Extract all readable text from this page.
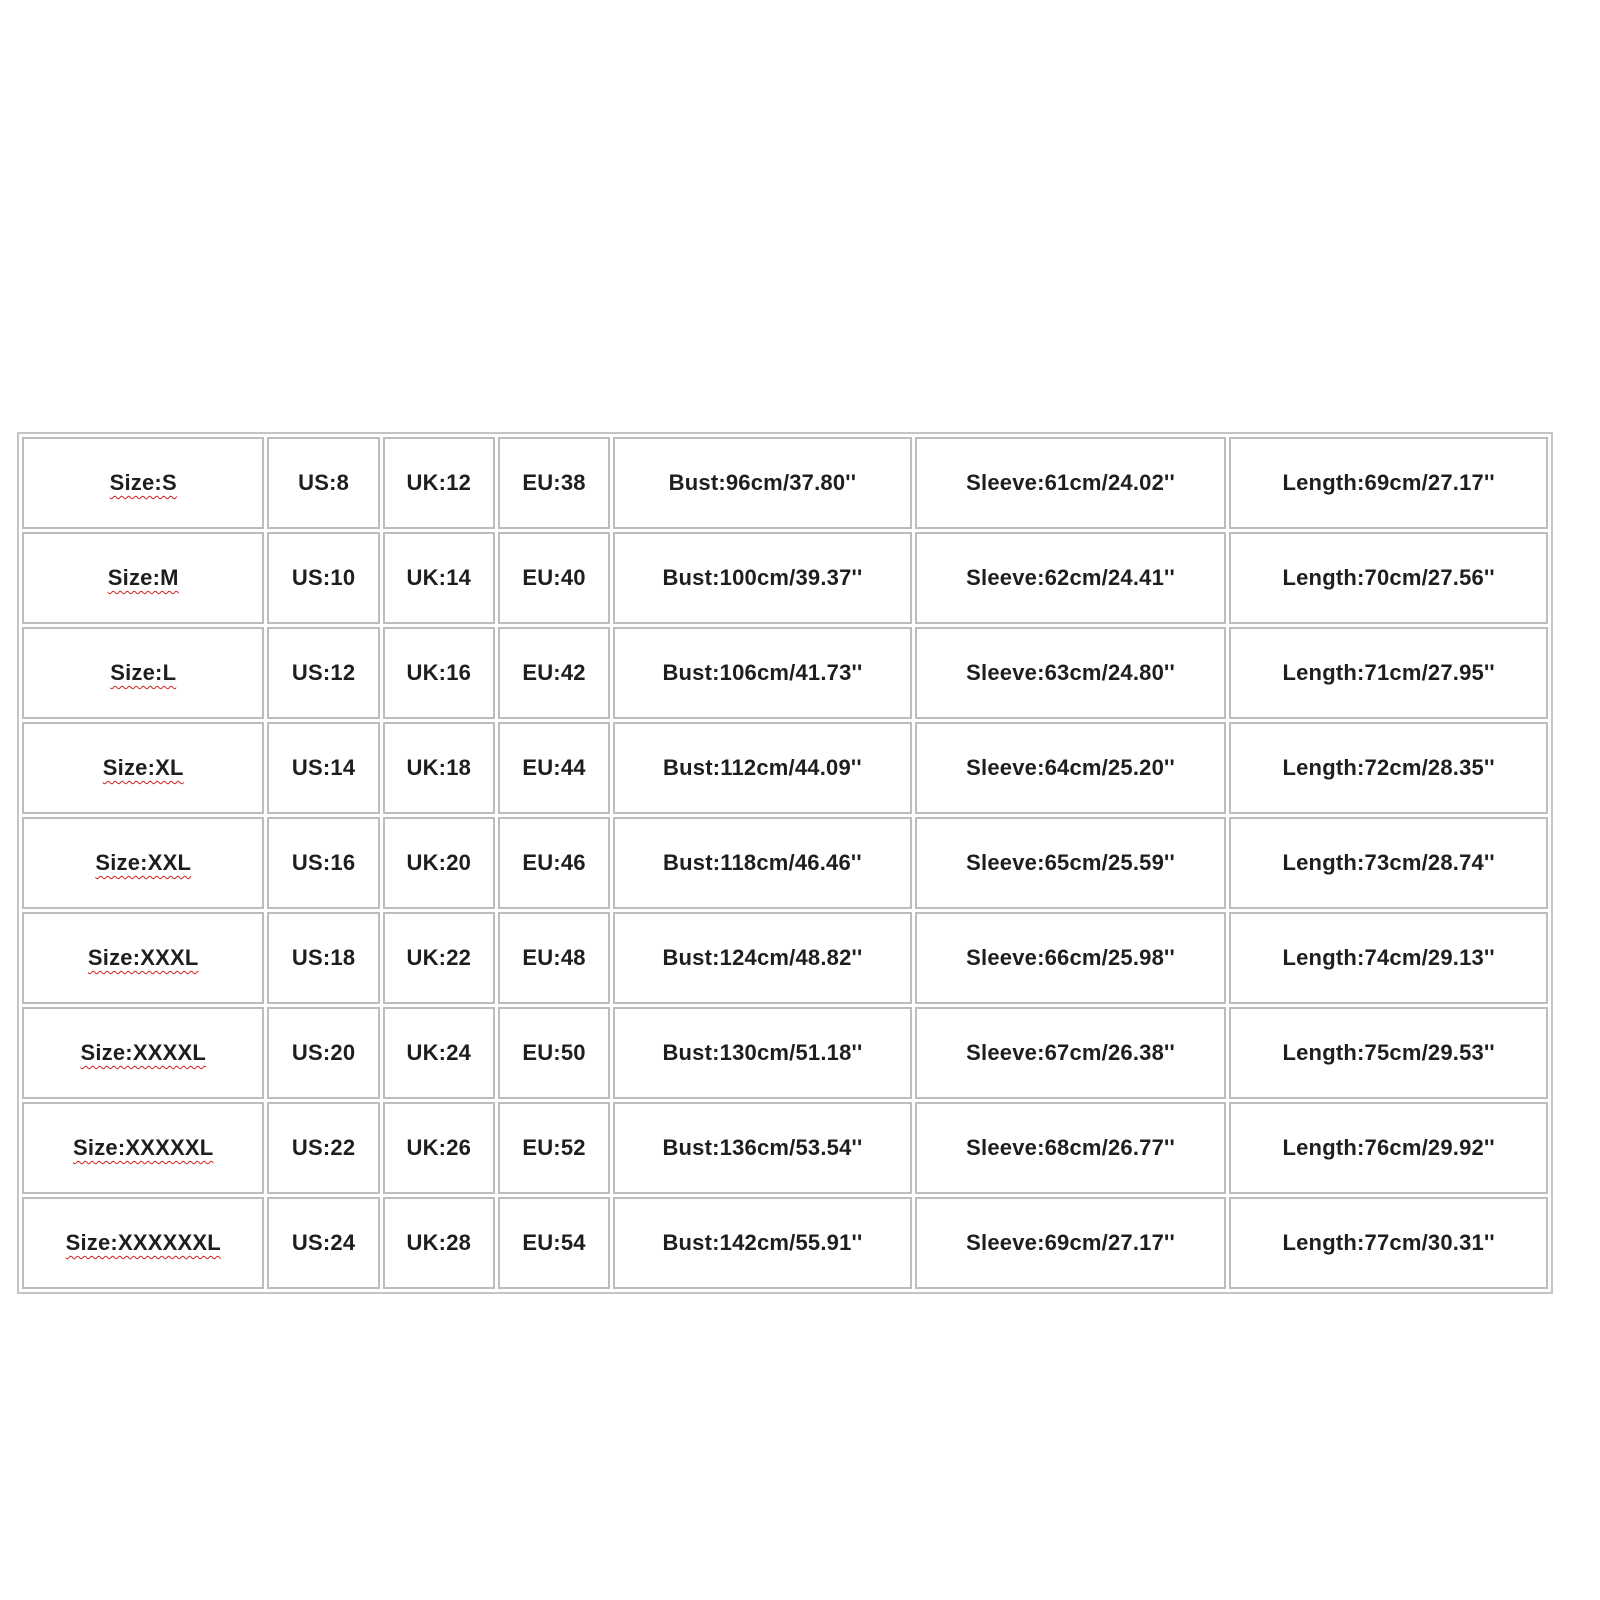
Size:S	US:8	UK:12	EU:38	Bust:96cm/37.80''	Sleeve:61cm/24.02''	Length:69cm/27.17''
Size:M	US:10	UK:14	EU:40	Bust:100cm/39.37''	Sleeve:62cm/24.41''	Length:70cm/27.56''
Size:L	US:12	UK:16	EU:42	Bust:106cm/41.73''	Sleeve:63cm/24.80''	Length:71cm/27.95''
Size:XL	US:14	UK:18	EU:44	Bust:112cm/44.09''	Sleeve:64cm/25.20''	Length:72cm/28.35''
Size:XXL	US:16	UK:20	EU:46	Bust:118cm/46.46''	Sleeve:65cm/25.59''	Length:73cm/28.74''
Size:XXXL	US:18	UK:22	EU:48	Bust:124cm/48.82''	Sleeve:66cm/25.98''	Length:74cm/29.13''
Size:XXXXL	US:20	UK:24	EU:50	Bust:130cm/51.18''	Sleeve:67cm/26.38''	Length:75cm/29.53''
Size:XXXXXL	US:22	UK:26	EU:52	Bust:136cm/53.54''	Sleeve:68cm/26.77''	Length:76cm/29.92''
Size:XXXXXXL	US:24	UK:28	EU:54	Bust:142cm/55.91''	Sleeve:69cm/27.17''	Length:77cm/30.31''
